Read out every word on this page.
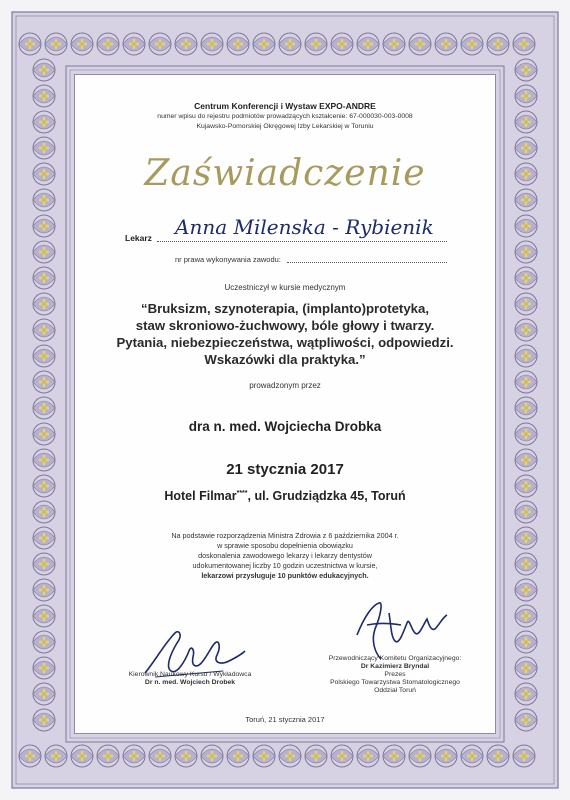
Centrum Konferencji i Wystaw EXPO-ANDRE
numer wpisu do rejestru podmiotów prowadzących kształcenie: 67-000030-003-0008
Kujawsko-Pomorskiej Okręgowej Izby Lekarskiej w Toruniu
Zaświadczenie
Lekarz Anna Milenska - Rybienik
nr prawa wykonywania zawodu:
Uczestniczył w kursie medycznym
“Bruksizm, szynoterapia, (implanto)protetyka,
staw skroniowo-żuchwowy, bóle głowy i twarzy.
Pytania, niebezpieczeństwa, wątpliwości, odpowiedzi.
Wskazówki dla praktyka.”
prowadzonym przez
dra n. med. Wojciecha Drobka
21 stycznia 2017
Hotel Filmar****, ul. Grudziądzka 45, Toruń
Na podstawie rozporządzenia Ministra Zdrowia z 6 października 2004 r.
w sprawie sposobu dopełnienia obowiązku
doskonalenia zawodowego lekarzy i lekarzy dentystów
udokumentowanej liczby 10 godzin uczestnictwa w kursie,
lekarzowi przysługuje 10 punktów edukacyjnych.
Kierownik Naukowy Kursu / Wykładowca
Dr n. med. Wojciech Drobek
Przewodniczący Komitetu Organizacyjnego:
Dr Kazimierz Bryndal
Prezes
Polskiego Towarzystwa Stomatologicznego
Oddział Toruń
Toruń, 21 stycznia 2017
